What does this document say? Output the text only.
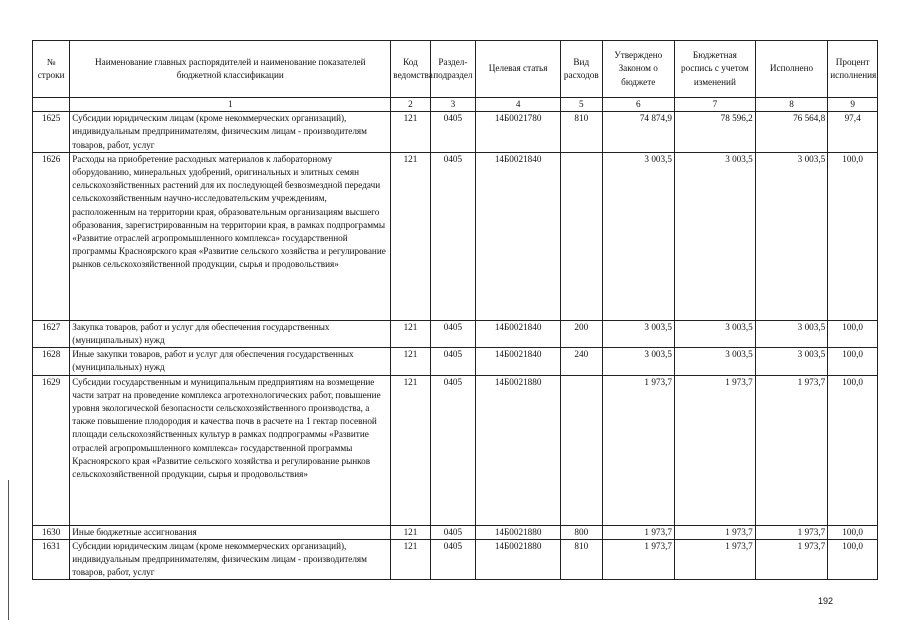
№ строки	Наименование главных распорядителей и наименование показателей бюджетной классификации	Код ведомства	Раздел-подраздел	Целевая статья	Вид расходов	Утверждено Законом о бюджете	Бюджетная роспись с учетом изменений	Исполнено	Процент исполнения
	1	2	3	4	5	6	7	8	9
1625	Субсидии юридическим лицам (кроме некоммерческих организаций), индивидуальным предпринимателям, физическим лицам - производителям товаров, работ, услуг	121	0405	14Б0021780	810	74 874,9	78 596,2	76 564,8	97,4
1626	Расходы на приобретение расходных материалов к лабораторному оборудованию, минеральных удобрений, оригинальных и элитных семян сельскохозяйственных растений для их последующей безвозмездной передачи сельскохозяйственным научно-исследовательским учреждениям, расположенным на территории края, образовательным организациям высшего образования, зарегистрированным на территории края, в рамках подпрограммы «Развитие отраслей агропромышленного комплекса» государственной программы Красноярского края «Развитие сельского хозяйства и регулирование рынков сельскохозяйственной продукции, сырья и продовольствия»	121	0405	14Б0021840		3 003,5	3 003,5	3 003,5	100,0
1627	Закупка товаров, работ и услуг для обеспечения государственных (муниципальных) нужд	121	0405	14Б0021840	200	3 003,5	3 003,5	3 003,5	100,0
1628	Иные закупки товаров, работ и услуг для обеспечения государственных (муниципальных) нужд	121	0405	14Б0021840	240	3 003,5	3 003,5	3 003,5	100,0
1629	Субсидии государственным и муниципальным предприятиям на возмещение части затрат на проведение комплекса агротехнологических работ, повышение уровня экологической безопасности сельскохозяйственного производства, а также повышение плодородия и качества почв в расчете на 1 гектар посевной площади сельскохозяйственных культур в рамках подпрограммы «Развитие отраслей агропромышленного комплекса» государственной программы Красноярского края «Развитие сельского хозяйства и регулирование рынков сельскохозяйственной продукции, сырья и продовольствия»	121	0405	14Б0021880		1 973,7	1 973,7	1 973,7	100,0
1630	Иные бюджетные ассигнования	121	0405	14Б0021880	800	1 973,7	1 973,7	1 973,7	100,0
1631	Субсидии юридическим лицам (кроме некоммерческих организаций), индивидуальным предпринимателям, физическим лицам - производителям товаров, работ, услуг	121	0405	14Б0021880	810	1 973,7	1 973,7	1 973,7	100,0
192
